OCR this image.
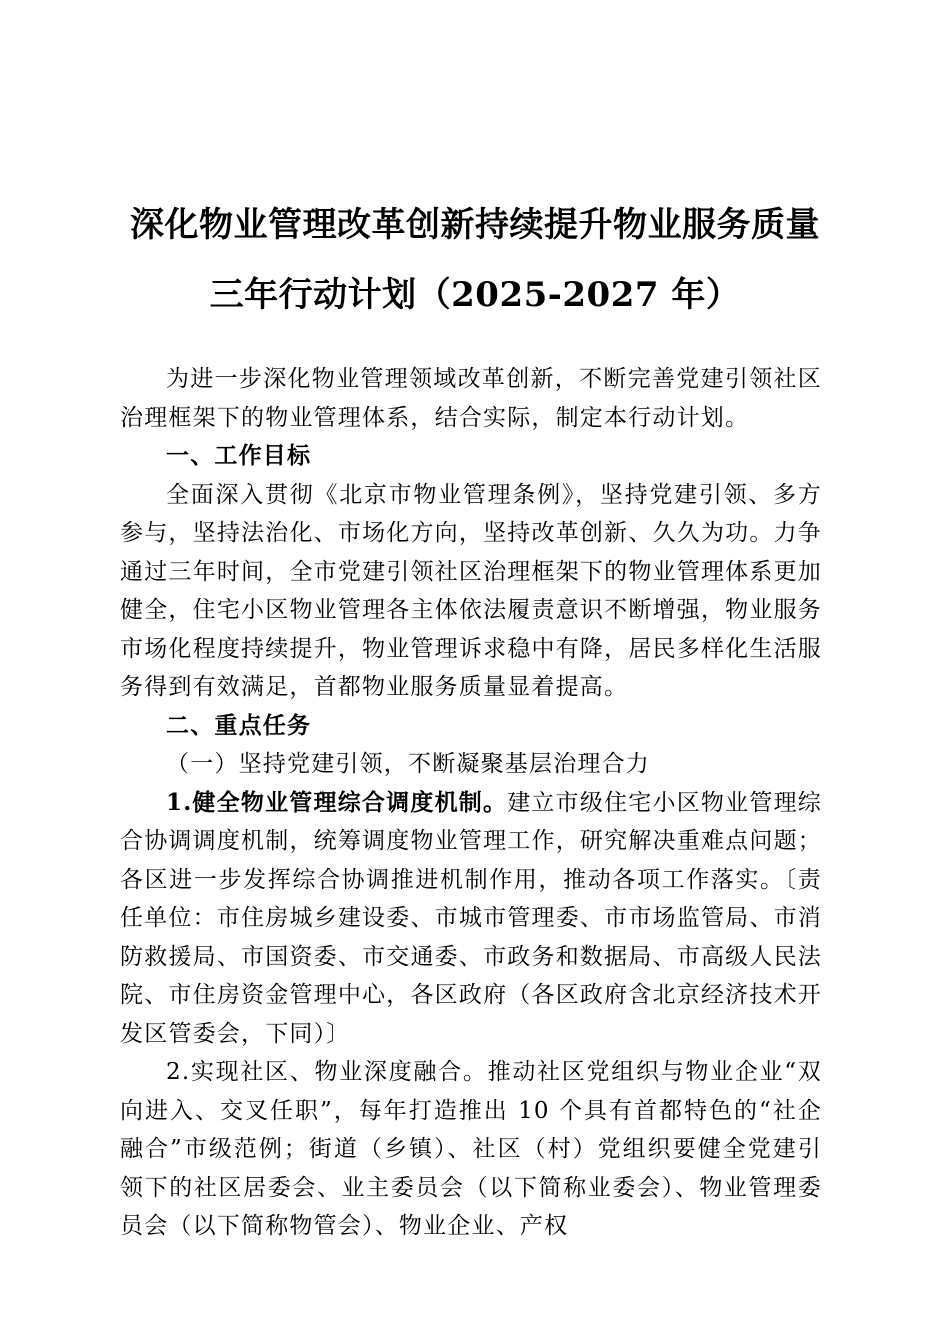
深化物业管理改革创新持续提升物业服务质量
三年行动计划（2025-2027 年）

为进一步深化物业管理领域改革创新，不断完善党建引领社区治理框架下的物业管理体系，结合实际，制定本行动计划。

一、工作目标

全面深入贯彻《北京市物业管理条例》，坚持党建引领、多方参与，坚持法治化、市场化方向，坚持改革创新、久久为功。力争通过三年时间，全市党建引领社区治理框架下的物业管理体系更加健全，住宅小区物业管理各主体依法履责意识不断增强，物业服务市场化程度持续提升，物业管理诉求稳中有降，居民多样化生活服务得到有效满足，首都物业服务质量显着提高。

二、重点任务

（一）坚持党建引领，不断凝聚基层治理合力

1.健全物业管理综合调度机制。建立市级住宅小区物业管理综合协调调度机制，统筹调度物业管理工作，研究解决重难点问题；各区进一步发挥综合协调推进机制作用，推动各项工作落实。〔责任单位：市住房城乡建设委、市城市管理委、市市场监管局、市消防救援局、市国资委、市交通委、市政务和数据局、市高级人民法院、市住房资金管理中心，各区政府（各区政府含北京经济技术开发区管委会，下同）〕

2.实现社区、物业深度融合。推动社区党组织与物业企业“双向进入、交叉任职”，每年打造推出 10 个具有首都特色的“社企融合”市级范例；街道（乡镇）、社区（村）党组织要健全党建引领下的社区居委会、业主委员会（以下简称业委会）、物业管理委员会（以下简称物管会）、物业企业、产权
